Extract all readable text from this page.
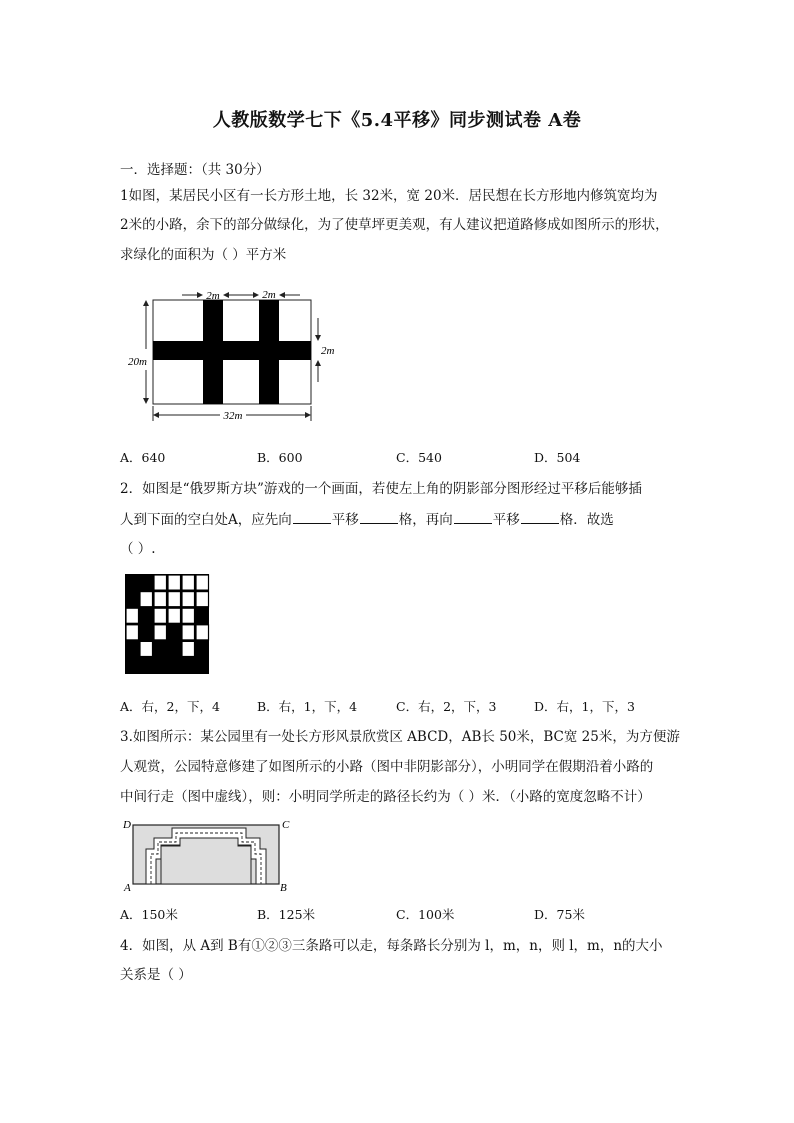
人教版数学七下《5.4平移》同步测试卷 A卷
一．选择题：（共 30分）
1如图，某居民小区有一长方形土地，长 32米，宽 20米．居民想在长方形地内修筑宽均为
2米的小路，余下的部分做绿化，为了使草坪更美观，有人建议把道路修成如图所示的形状，
求绿化的面积为（ ）平方米
2m	2m
2m
20m
32m
A．640	B．600	C．540	D．504
2．如图是“俄罗斯方块”游戏的一个画面，若使左上角的阴影部分图形经过平移后能够插
人到下面的空白处A，应先向	平移	格，再向	平移	格．故选
（ ）.
A
A．右，2，下，4	B．右，1，下，4	C．右，2，下，3	D．右，1，下，3
3.如图所示：某公园里有一处长方形风景欣赏区 ABCD，AB长 50米，BC宽 25米，为方便游
人观赏，公园特意修建了如图所示的小路（图中非阴影部分），小明同学在假期沿着小路的
中间行走（图中虚线），则：小明同学所走的路径长约为（ ）米．（小路的宽度忽略不计）
D	C
A	B
A．150米	B．125米	C．100米	D．75米
4．如图，从 A到 B有①②③三条路可以走，每条路长分别为 l，m，n，则 l，m，n的大小
关系是（ ）
